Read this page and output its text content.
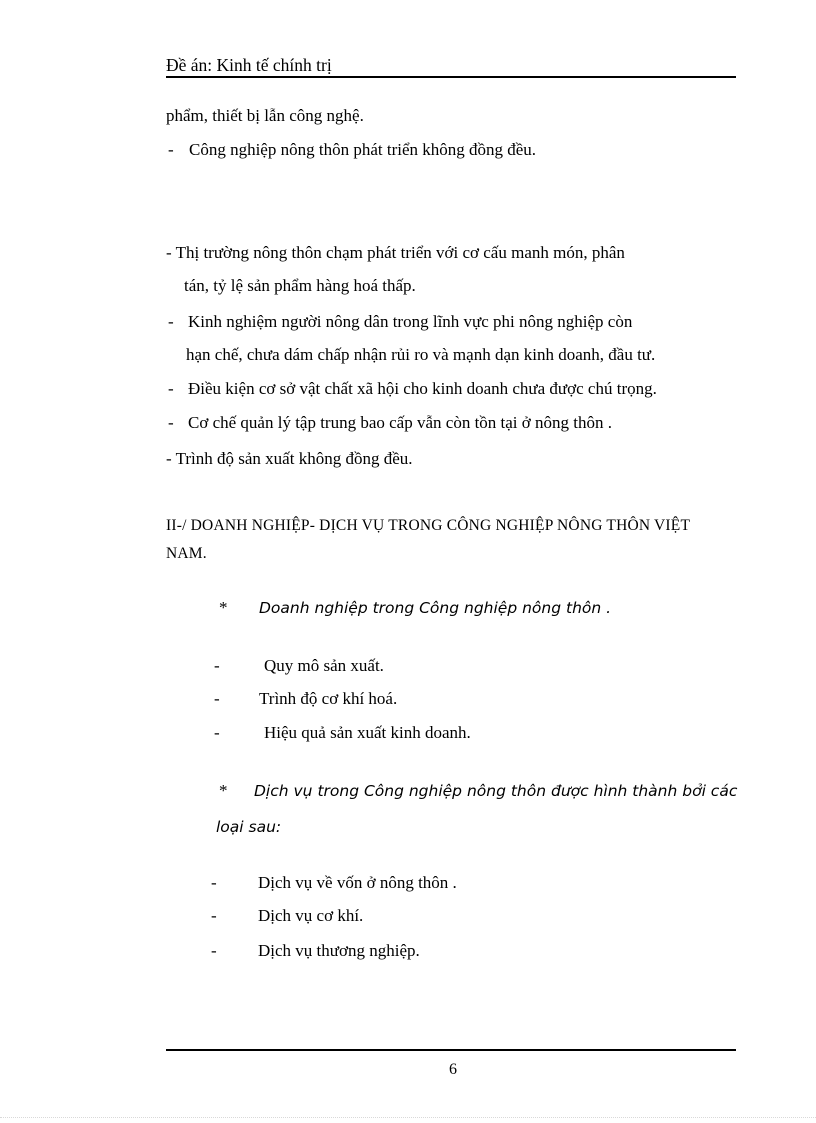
Đề án: Kinh tế chính trị
phẩm, thiết bị lẫn công nghệ.
- Công nghiệp nông thôn phát triển không đồng đều.
- Thị trường nông thôn chạm phát triển với cơ cấu manh món, phân
tán, tỷ lệ sản phẩm hàng hoá thấp.
- Kinh nghiệm người nông dân trong lĩnh vực phi nông nghiệp còn
hạn chế, chưa dám chấp nhận rủi ro và mạnh dạn kinh doanh, đầu tư.
- Điều kiện cơ sở vật chất xã hội cho kinh doanh chưa được chú trọng.
- Cơ chế quản lý tập trung bao cấp vẫn còn tồn tại ở nông thôn .
- Trình độ sản xuất không đồng đều.
II-/ DOANH NGHIỆP- DỊCH VỤ TRONG CÔNG NGHIỆP NÔNG THÔN VIỆT
NAM.
* Doanh nghiệp trong Công nghiệp nông thôn .
-	Quy mô sản xuất.
- Trình độ cơ khí hoá.
-	Hiệu quả sản xuất kinh doanh.
* Dịch vụ trong Công nghiệp nông thôn được hình thành bởi các
loại sau:
- Dịch vụ về vốn ở nông thôn .
- Dịch vụ cơ khí.
- Dịch vụ thương nghiệp.
6
